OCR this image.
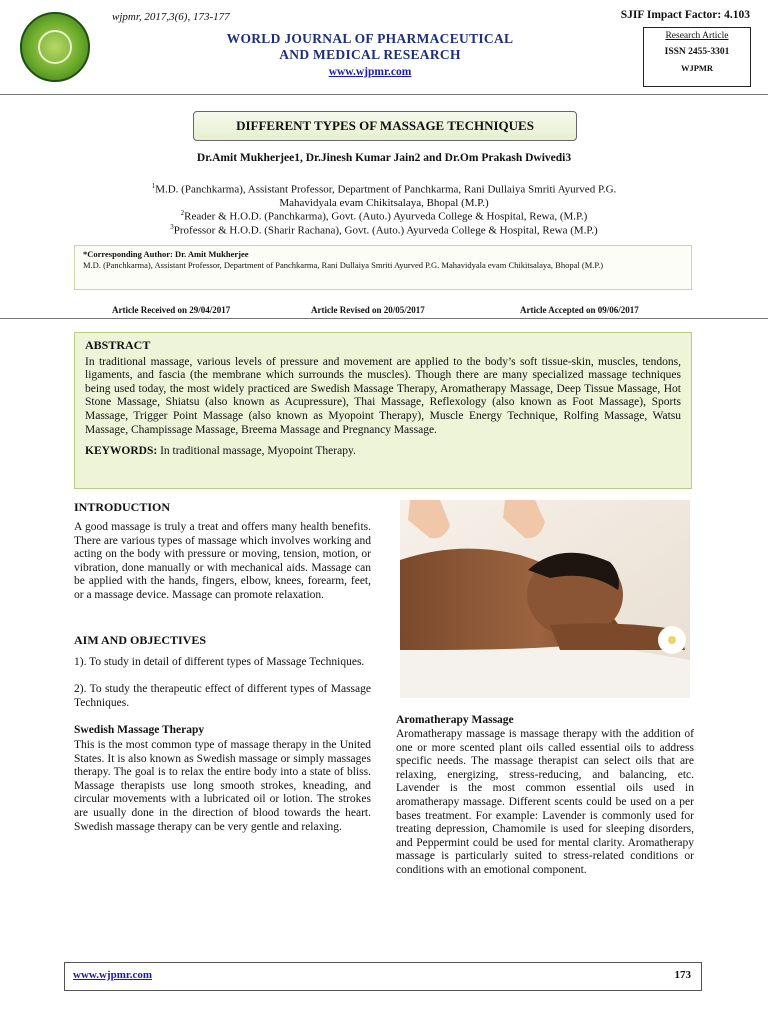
wjpmr, 2017,3(6), 173-177
WORLD JOURNAL OF PHARMACEUTICAL
AND MEDICAL RESEARCH
www.wjpmr.com
SJIF Impact Factor: 4.103
Research Article
ISSN 2455-3301
WJPMR
DIFFERENT TYPES OF MASSAGE TECHNIQUES
Dr.Amit Mukherjee1, Dr.Jinesh Kumar Jain2 and Dr.Om Prakash Dwivedi3
$^1$M.D. (Panchkarma), Assistant Professor, Department of Panchkarma, Rani Dullaiya Smriti Ayurved P.G.
Mahavidyala evam Chikitsalaya, Bhopal (M.P.)
$^2$Reader & H.O.D. (Panchkarma), Govt. (Auto.) Ayurveda College & Hospital, Rewa, (M.P.)
$^3$Professor & H.O.D. (Sharir Rachana), Govt. (Auto.) Ayurveda College & Hospital, Rewa (M.P.)
*Corresponding Author: Dr. Amit Mukherjee
M.D. (Panchkarma), Assistant Professor, Department of Panchkarma, Rani Dullaiya Smriti Ayurved P.G. Mahavidyala evam Chikitsalaya, Bhopal (M.P.)
Article Received on 29/04/2017	Article Revised on 20/05/2017	Article Accepted on 09/06/2017
ABSTRACT

In traditional massage, various levels of pressure and movement are applied to the body’s soft tissue-skin, muscles, tendons, ligaments, and fascia (the membrane which surrounds the muscles). Though there are many specialized massage techniques being used today, the most widely practiced are Swedish Massage Therapy, Aromatherapy Massage, Deep Tissue Massage, Hot Stone Massage, Shiatsu (also known as Acupressure), Thai Massage, Reflexology (also known as Foot Massage), Sports Massage, Trigger Point Massage (also known as Myopoint Therapy), Muscle Energy Technique, Rolfing Massage, Watsu Massage, Champissage Massage, Breema Massage and Pregnancy Massage.

KEYWORDS: In traditional massage, Myopoint Therapy.

INTRODUCTION
A good massage is truly a treat and offers many health benefits. There are various types of massage which involves working and acting on the body with pressure or moving, tension, motion, or vibration, done manually or with mechanical aids. Massage can be applied with the hands, fingers, elbow, knees, forearm, feet, or a massage device. Massage can promote relaxation.
AIM AND OBJECTIVES
1). To study in detail of different types of Massage Techniques.
2). To study the therapeutic effect of different types of Massage Techniques.
Swedish Massage Therapy
This is the most common type of massage therapy in the United States. It is also known as Swedish massage or simply massages therapy. The goal is to relax the entire body into a state of bliss. Massage therapists use long smooth strokes, kneading, and circular movements with a lubricated oil or lotion. The strokes are usually done in the direction of blood towards the heart. Swedish massage therapy can be very gentle and relaxing.
Aromatherapy Massage
Aromatherapy massage is massage therapy with the addition of one or more scented plant oils called essential oils to address specific needs. The massage therapist can select oils that are relaxing, energizing, stress-reducing, and balancing, etc. Lavender is the most common essential oils used in aromatherapy massage. Different scents could be used on a per bases treatment. For example: Lavender is commonly used for treating depression, Chamomile is used for sleeping disorders, and Peppermint could be used for mental clarity. Aromatherapy massage is particularly suited to stress-related conditions or conditions with an emotional component.
www.wjpmr.com	173
